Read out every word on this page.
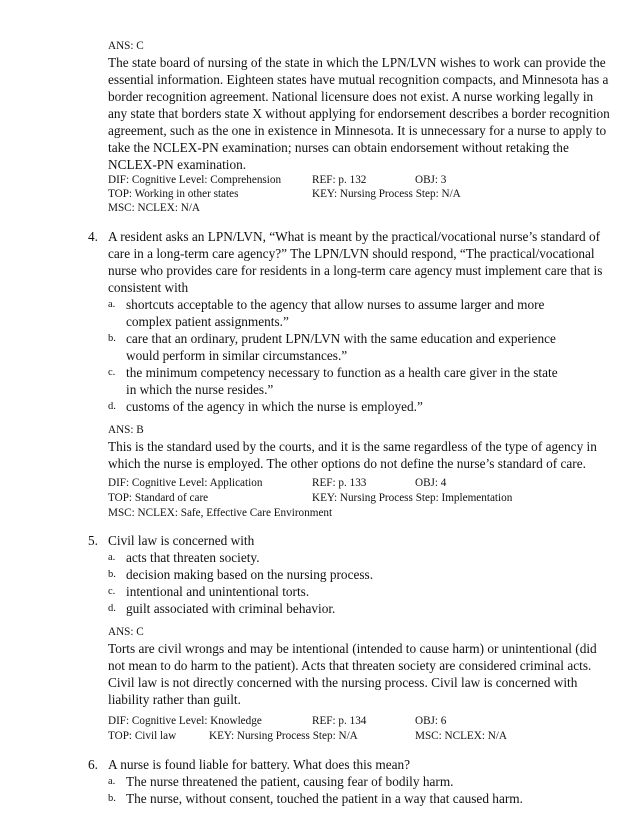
ANS: C
The state board of nursing of the state in which the LPN/LVN wishes to work can provide the
essential information. Eighteen states have mutual recognition compacts, and Minnesota has a
border recognition agreement. National licensure does not exist. A nurse working legally in
any state that borders state X without applying for endorsement describes a border recognition
agreement, such as the one in existence in Minnesota. It is unnecessary for a nurse to apply to
take the NCLEX-PN examination; nurses can obtain endorsement without retaking the
NCLEX-PN examination.
DIF: Cognitive Level: Comprehension	REF: p. 132	OBJ: 3
TOP: Working in other states	KEY: Nursing Process Step: N/A
MSC: NCLEX: N/A
4. A resident asks an LPN/LVN, “What is meant by the practical/vocational nurse’s standard of
care in a long-term care agency?” The LPN/LVN should respond, “The practical/vocational
nurse who provides care for residents in a long-term care agency must implement care that is
consistent with
a. shortcuts acceptable to the agency that allow nurses to assume larger and more
complex patient assignments.”
b. care that an ordinary, prudent LPN/LVN with the same education and experience
would perform in similar circumstances.”
c. the minimum competency necessary to function as a health care giver in the state
in which the nurse resides.”
d. customs of the agency in which the nurse is employed.”
ANS: B
This is the standard used by the courts, and it is the same regardless of the type of agency in
which the nurse is employed. The other options do not define the nurse’s standard of care.
DIF: Cognitive Level: Application	REF: p. 133	OBJ: 4
TOP: Standard of care	KEY: Nursing Process Step: Implementation
MSC: NCLEX: Safe, Effective Care Environment
5. Civil law is concerned with
a. acts that threaten society.
b. decision making based on the nursing process.
c. intentional and unintentional torts.
d. guilt associated with criminal behavior.
ANS: C
Torts are civil wrongs and may be intentional (intended to cause harm) or unintentional (did
not mean to do harm to the patient). Acts that threaten society are considered criminal acts.
Civil law is not directly concerned with the nursing process. Civil law is concerned with
liability rather than guilt.
DIF: Cognitive Level: Knowledge	REF: p. 134	OBJ: 6
TOP: Civil law	KEY: Nursing Process Step: N/A	MSC: NCLEX: N/A
6. A nurse is found liable for battery. What does this mean?
a. The nurse threatened the patient, causing fear of bodily harm.
b. The nurse, without consent, touched the patient in a way that caused harm.
